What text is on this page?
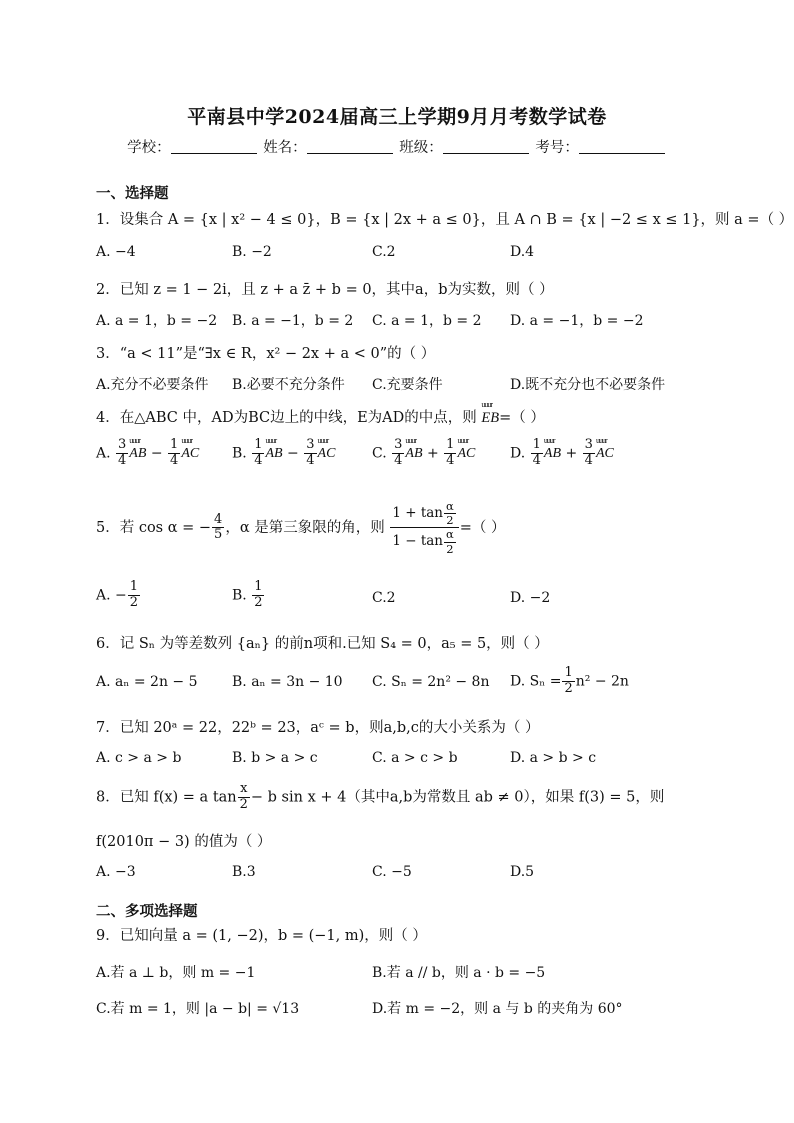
平南县中学2024届高三上学期9月月考数学试卷
学校：	姓名：	班级：	考号：
一、选择题
1．设集合 A = {x | x² − 4 ≤ 0}，B = {x | 2x + a ≤ 0}，且 A ∩ B = {x | −2 ≤ x ≤ 1}，则 a =（ ）
A. −4	B. −2	C.2	D.4
2．已知 z = 1 − 2i，且 z + a z̄ + b = 0，其中a，b为实数，则（ ）
A. a = 1，b = −2 B. a = −1，b = 2 C. a = 1，b = 2 D. a = −1，b = −2
3．“a < 11”是“∃x ∈ R，x² − 2x + a < 0”的（ ）
A.充分不必要条件 B.必要不充分条件 C.充要条件	D.既不充分也不必要条件
4．在△ABC 中，AD为BC边上的中线，E为AD的中点，则 uuur EB=（ ）
A. $\frac{3}{4}$ uuur AB − $\frac{1}{4}$ uuur AC B. $\frac{1}{4}$ uuur AB − $\frac{3}{4}$ uuur AC	C. $\frac{3}{4}$ uuur AB + $\frac{1}{4}$ uuur AC D. $\frac{1}{4}$ uuur AB + $\frac{3}{4}$ uuur AC
5．若 cos α = − $\frac{4}{5}$ ，α 是第三象限的角，则 $\frac{1 + \tan \frac{\alpha}{2}}{1 - \tan \frac{\alpha}{2}}$ =（ ）
A. − $\frac{1}{2}$	B. $\frac{1}{2}$	C.2	D. −2
6．记 Sₙ 为等差数列 {aₙ} 的前n项和.已知 S₄ = 0，a₅ = 5，则（ ）
A. aₙ = 2n − 5 B. aₙ = 3n − 10 C. Sₙ = 2n² − 8n D. $S_n = \frac{1}{2} n^2 - 2n$
7．已知 20ᵃ = 22，22ᵇ = 23，aᶜ = b，则a,b,c的大小关系为（ ）
A. c > a > b	B. b > a > c	C. a > c > b	D. a > b > c
8．已知 f(x) = a $\tan \frac{x}{2} - b$ sin x + 4（其中a,b为常数且 ab ≠ 0），如果 f(3) = 5，则
f(2010π − 3) 的值为（ ）
A. −3	B.3	C. −5	D.5
二、多项选择题
9．已知向量 a = (1, −2)，b = (−1, m)，则（ ）
A.若 a ⊥ b，则 m = −1	B.若 a // b，则 a · b = −5
C.若 m = 1，则 |a − b| = √13	D.若 m = −2，则 a 与 b 的夹角为 60°
